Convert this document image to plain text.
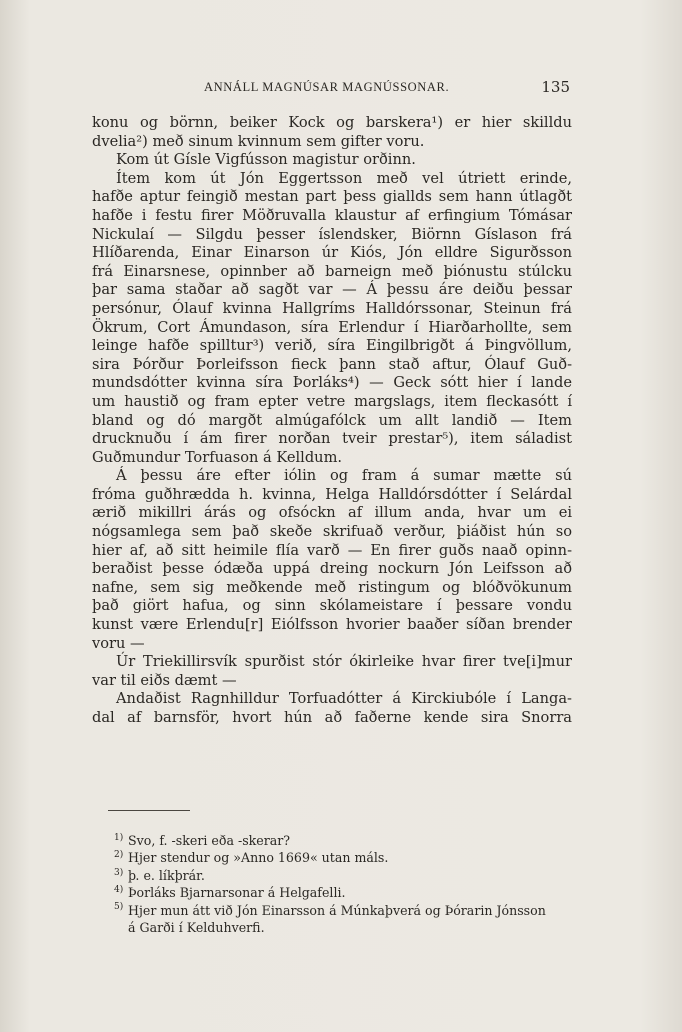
ANNÁLL MAGNÚSAR MAGNÚSSONAR.	135
konu og börnn, beiker Kock og barskera¹) er hier skilldu
dvelia²) með sinum kvinnum sem gifter voru.
Kom út Gísle Vigfússon magistur orðinn.
Ítem kom út Jón Eggertsson með vel útriett erinde,
hafðe aptur feingið mestan part þess giallds sem hann útlagðt
hafðe i festu firer Möðruvalla klaustur af erfingium Tómásar
Nickulaí — Silgdu þesser íslendsker, Biörnn Gíslason frá
Hlíðarenda, Einar Einarson úr Kiós, Jón elldre Sigurðsson
frá Einarsnese, opinnber að barneign með þiónustu stúlcku
þar sama staðar að sagðt var — Á þessu áre deiðu þessar
persónur, Ólauf kvinna Hallgríms Halldórssonar, Steinun frá
Ökrum, Cort Ámundason, síra Erlendur í Hiarðarhollte, sem
leinge hafðe spilltur³) verið, síra Eingilbrigðt á Þingvöllum,
sira Þórður Þorleifsson fieck þann stað aftur, Ólauf Guð-
mundsdótter kvinna síra Þorláks⁴) — Geck sótt hier í lande
um haustið og fram epter vetre margslags, item fleckasótt í
bland og dó margðt almúgafólck um allt landið — Item
drucknuðu í ám firer norðan tveir prestar⁵), item sáladist
Guðmundur Torfuason á Kelldum.
Á þessu áre efter iólin og fram á sumar mætte sú
fróma guðhrædda h. kvinna, Helga Halldórsdótter í Selárdal
ærið mikillri árás og ofsóckn af illum anda, hvar um ei
nógsamlega sem það skeðe skrifuað verður, þiáðist hún so
hier af, að sitt heimile flía varð — En firer guðs naað opinn-
beraðist þesse ódæða uppá dreing nockurn Jón Leifsson að
nafne, sem sig meðkende með ristingum og blóðvökunum
það giört hafua, og sinn skólameistare í þessare vondu
kunst være Erlendu[r] Eiólfsson hvorier baaðer síðan brender
voru —
Úr Triekillirsvík spurðist stór ókirleike hvar firer tve[i]mur
var til eiðs dæmt —
Andaðist Ragnhilldur Torfuadótter á Kirckiubóle í Langa-
dal af barnsför, hvort hún að faðerne kende sira Snorra
1) Svo, f. -skeri eða -skerar?
2) Hjer stendur og »Anno 1669« utan máls.
3) þ. e. líkþrár.
4) Þorláks Bjarnarsonar á Helgafelli.
5) Hjer mun átt við Jón Einarsson á Múnkaþverá og Þórarin Jónsson
á Garði í Kelduhverfi.
